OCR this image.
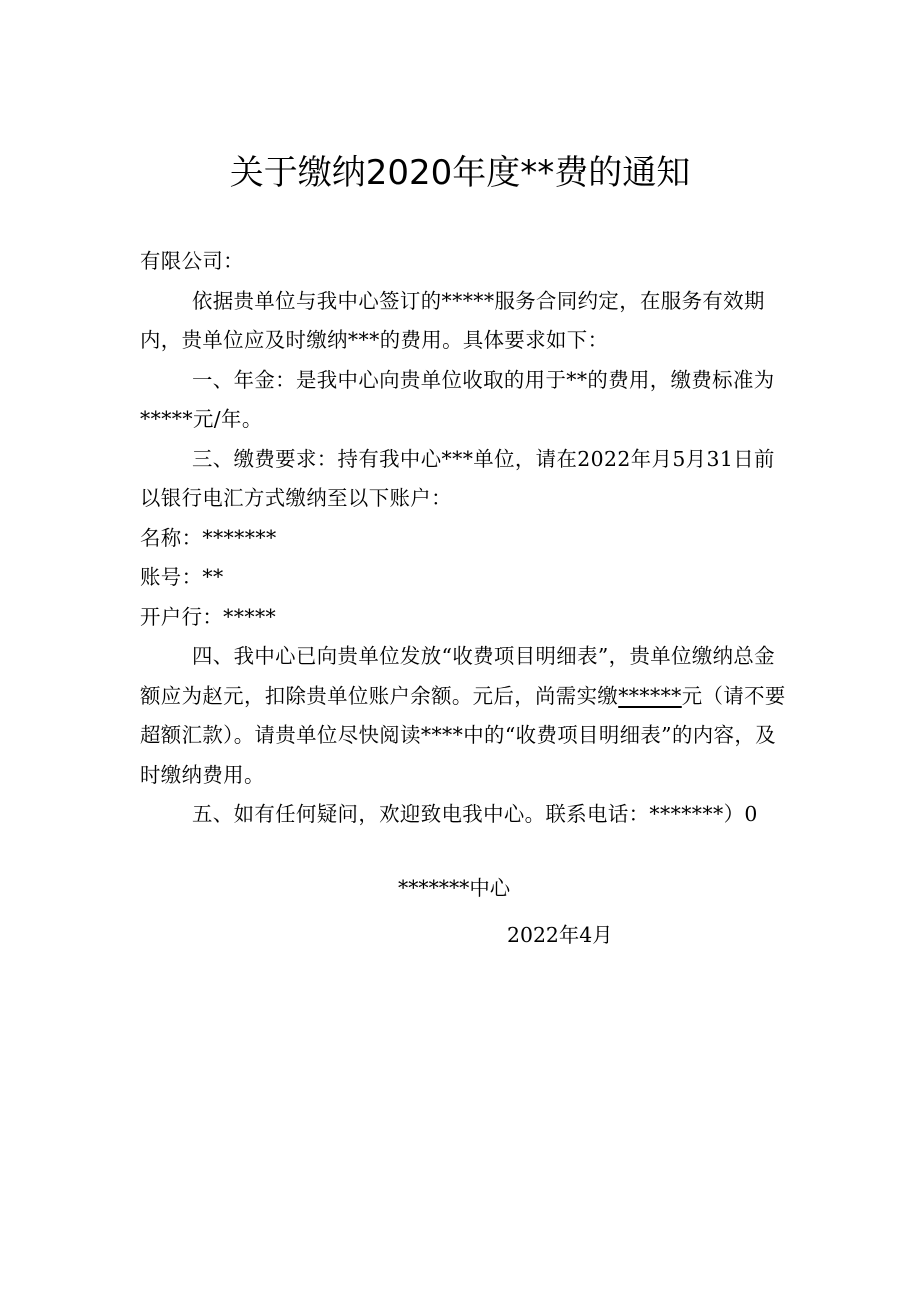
关于缴纳2020年度**费的通知

有限公司：

依据贵单位与我中心签订的*****服务合同约定，在服务有效期内，贵单位应及时缴纳***的费用。具体要求如下：

一、年金：是我中心向贵单位收取的用于**的费用，缴费标准为*****元/年。

三、缴费要求：持有我中心***单位，请在2022年月5月31日前以银行电汇方式缴纳至以下账户：

名称：*******

账号：**

开户行：*****

四、我中心已向贵单位发放“收费项目明细表”，贵单位缴纳总金额应为赵元，扣除贵单位账户余额。元后，尚需实缴******元（请不要超额汇款）。请贵单位尽快阅读****中的“收费项目明细表”的内容，及时缴纳费用。

五、如有任何疑问，欢迎致电我中心。联系电话：*******）0

*******中心
2022年4月
